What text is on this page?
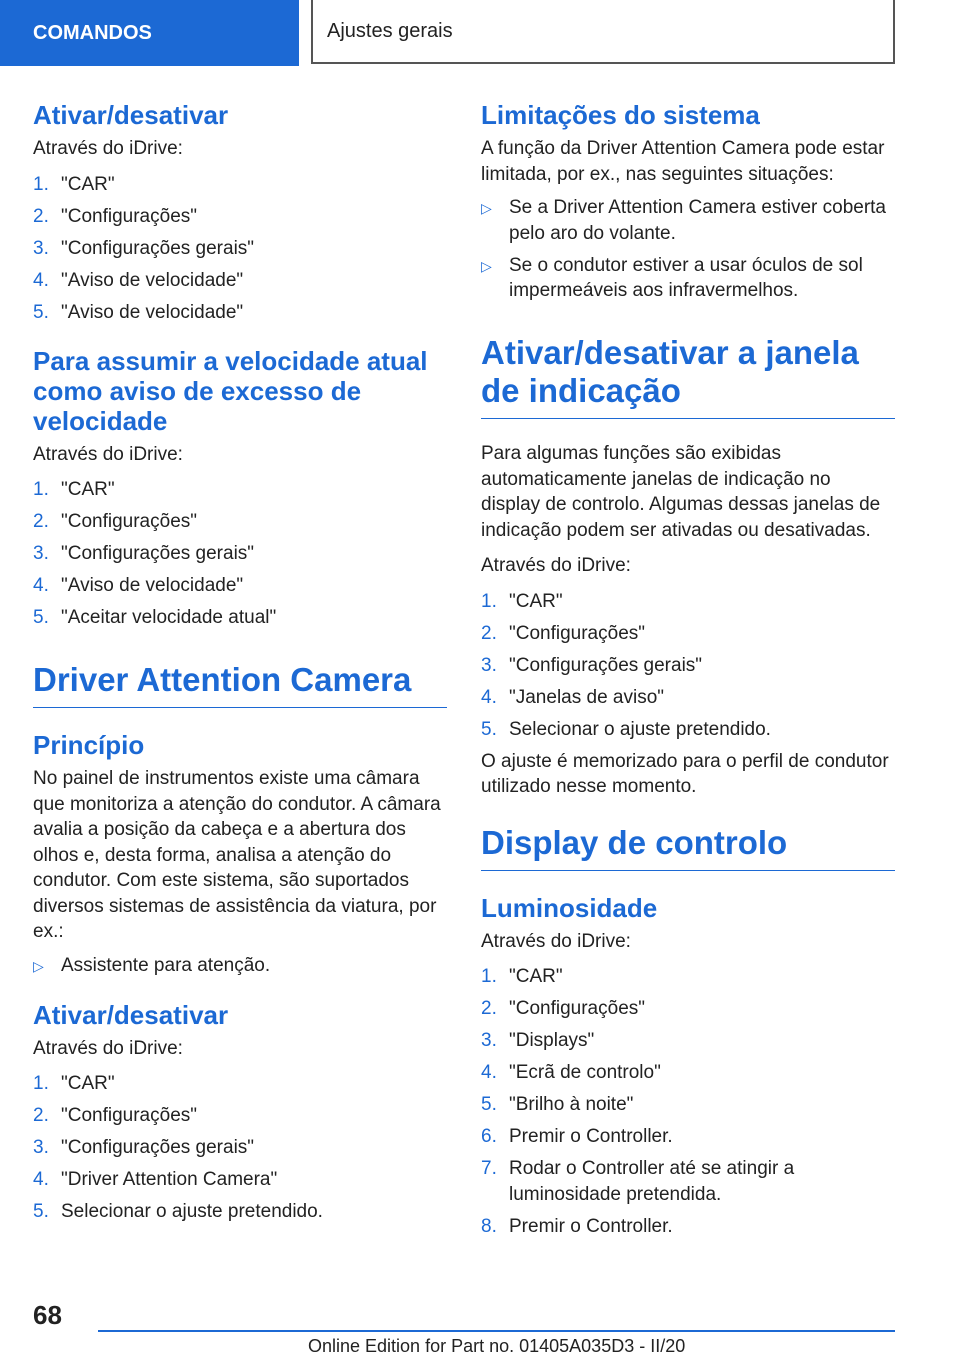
COMANDOS	Ajustes gerais
Ativar/desativar

Através do iDrive:

1. "CAR"
2. "Configurações"
3. "Configurações gerais"
4. "Aviso de velocidade"
5. "Aviso de velocidade"
Para assumir a velocidade atual como aviso de excesso de velocidade

Através do iDrive:

1. "CAR"
2. "Configurações"
3. "Configurações gerais"
4. "Aviso de velocidade"
5. "Aceitar velocidade atual"
Driver Attention Camera
Princípio

No painel de instrumentos existe uma câmara que monitoriza a atenção do condutor. A câmara avalia a posição da cabeça e a abertura dos olhos e, desta forma, analisa a atenção do condutor. Com este sistema, são suportados diversos sistemas de assistência da viatura, por ex.:

▷ Assistente para atenção.
Ativar/desativar

Através do iDrive:

1. "CAR"
2. "Configurações"
3. "Configurações gerais"
4. "Driver Attention Camera"
5. Selecionar o ajuste pretendido.
Limitações do sistema

A função da Driver Attention Camera pode estar limitada, por ex., nas seguintes situações:

▷ Se a Driver Attention Camera estiver coberta pelo aro do volante.
▷ Se o condutor estiver a usar óculos de sol impermeáveis aos infravermelhos.
Ativar/desativar a janela de indicação

Para algumas funções são exibidas automaticamente janelas de indicação no display de controlo. Algumas dessas janelas de indicação podem ser ativadas ou desativadas.

Através do iDrive:

1. "CAR"
2. "Configurações"
3. "Configurações gerais"
4. "Janelas de aviso"
5. Selecionar o ajuste pretendido.

O ajuste é memorizado para o perfil de condutor utilizado nesse momento.

Display de controlo
Luminosidade

Através do iDrive:

1. "CAR"
2. "Configurações"
3. "Displays"
4. "Ecrã de controlo"
5. "Brilho à noite"
6. Premir o Controller.
7. Rodar o Controller até se atingir a luminosidade pretendida.
8. Premir o Controller.
68
Online Edition for Part no. 01405A035D3 - II/20
